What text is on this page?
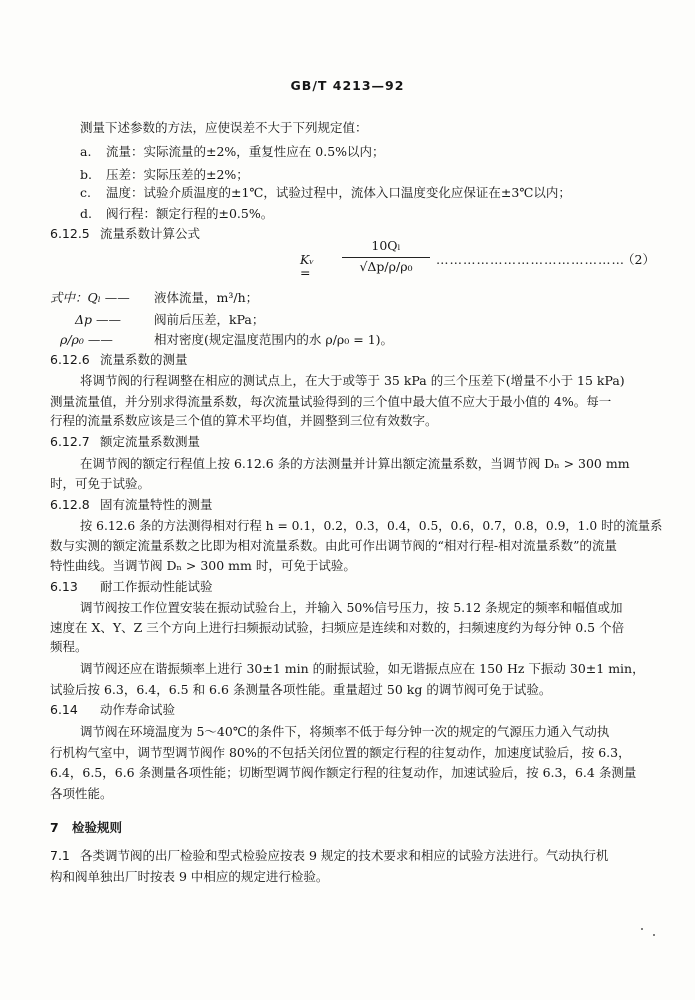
GB/T 4213—92
测量下述参数的方法，应使误差不大于下列规定值：
a. 流量：实际流量的±2%，重复性应在 0.5%以内；
b. 压差：实际压差的±2%；
c. 温度：试验介质温度的±1℃，试验过程中，流体入口温度变化应保证在±3℃以内；
d. 阀行程：额定行程的±0.5%。
6.12.5 流量系数计算公式
Kᵥ =
10Qₗ
√Δp/ρ/ρ₀	……………………………………
（2）
式中：Qₗ —— 液体流量，m³/h；
Δp ——	阀前后压差，kPa；
ρ/ρ₀ ——	相对密度(规定温度范围内的水 ρ/ρ₀ = 1)。
6.12.6 流量系数的测量
将调节阀的行程调整在相应的测试点上，在大于或等于 35 kPa 的三个压差下(增量不小于 15 kPa)
测量流量值，并分别求得流量系数，每次流量试验得到的三个值中最大值不应大于最小值的 4%。每一
行程的流量系数应该是三个值的算术平均值，并圆整到三位有效数字。
6.12.7 额定流量系数测量
在调节阀的额定行程值上按 6.12.6 条的方法测量并计算出额定流量系数，当调节阀 Dₙ > 300 mm
时，可免于试验。
6.12.8 固有流量特性的测量
按 6.12.6 条的方法测得相对行程 h = 0.1，0.2，0.3，0.4，0.5，0.6，0.7，0.8，0.9，1.0 时的流量系
数与实测的额定流量系数之比即为相对流量系数。由此可作出调节阀的“相对行程-相对流量系数”的流量
特性曲线。当调节阀 Dₙ > 300 mm 时，可免于试验。
6.13 耐工作振动性能试验
调节阀按工作位置安装在振动试验台上，并输入 50%信号压力，按 5.12 条规定的频率和幅值或加
速度在 X、Y、Z 三个方向上进行扫频振动试验，扫频应是连续和对数的，扫频速度约为每分钟 0.5 个倍
频程。
调节阀还应在谐振频率上进行 30±1 min 的耐振试验，如无谐振点应在 150 Hz 下振动 30±1 min，
试验后按 6.3，6.4，6.5 和 6.6 条测量各项性能。重量超过 50 kg 的调节阀可免于试验。
6.14 动作寿命试验
调节阀在环境温度为 5～40℃的条件下，将频率不低于每分钟一次的规定的气源压力通入气动执
行机构气室中，调节型调节阀作 80%的不包括关闭位置的额定行程的往复动作，加速度试验后，按 6.3，
6.4，6.5，6.6 条测量各项性能；切断型调节阀作额定行程的往复动作，加速试验后，按 6.3，6.4 条测量
各项性能。
7 检验规则
7.1 各类调节阀的出厂检验和型式检验应按表 9 规定的技术要求和相应的试验方法进行。气动执行机
构和阀单独出厂时按表 9 中相应的规定进行检验。
